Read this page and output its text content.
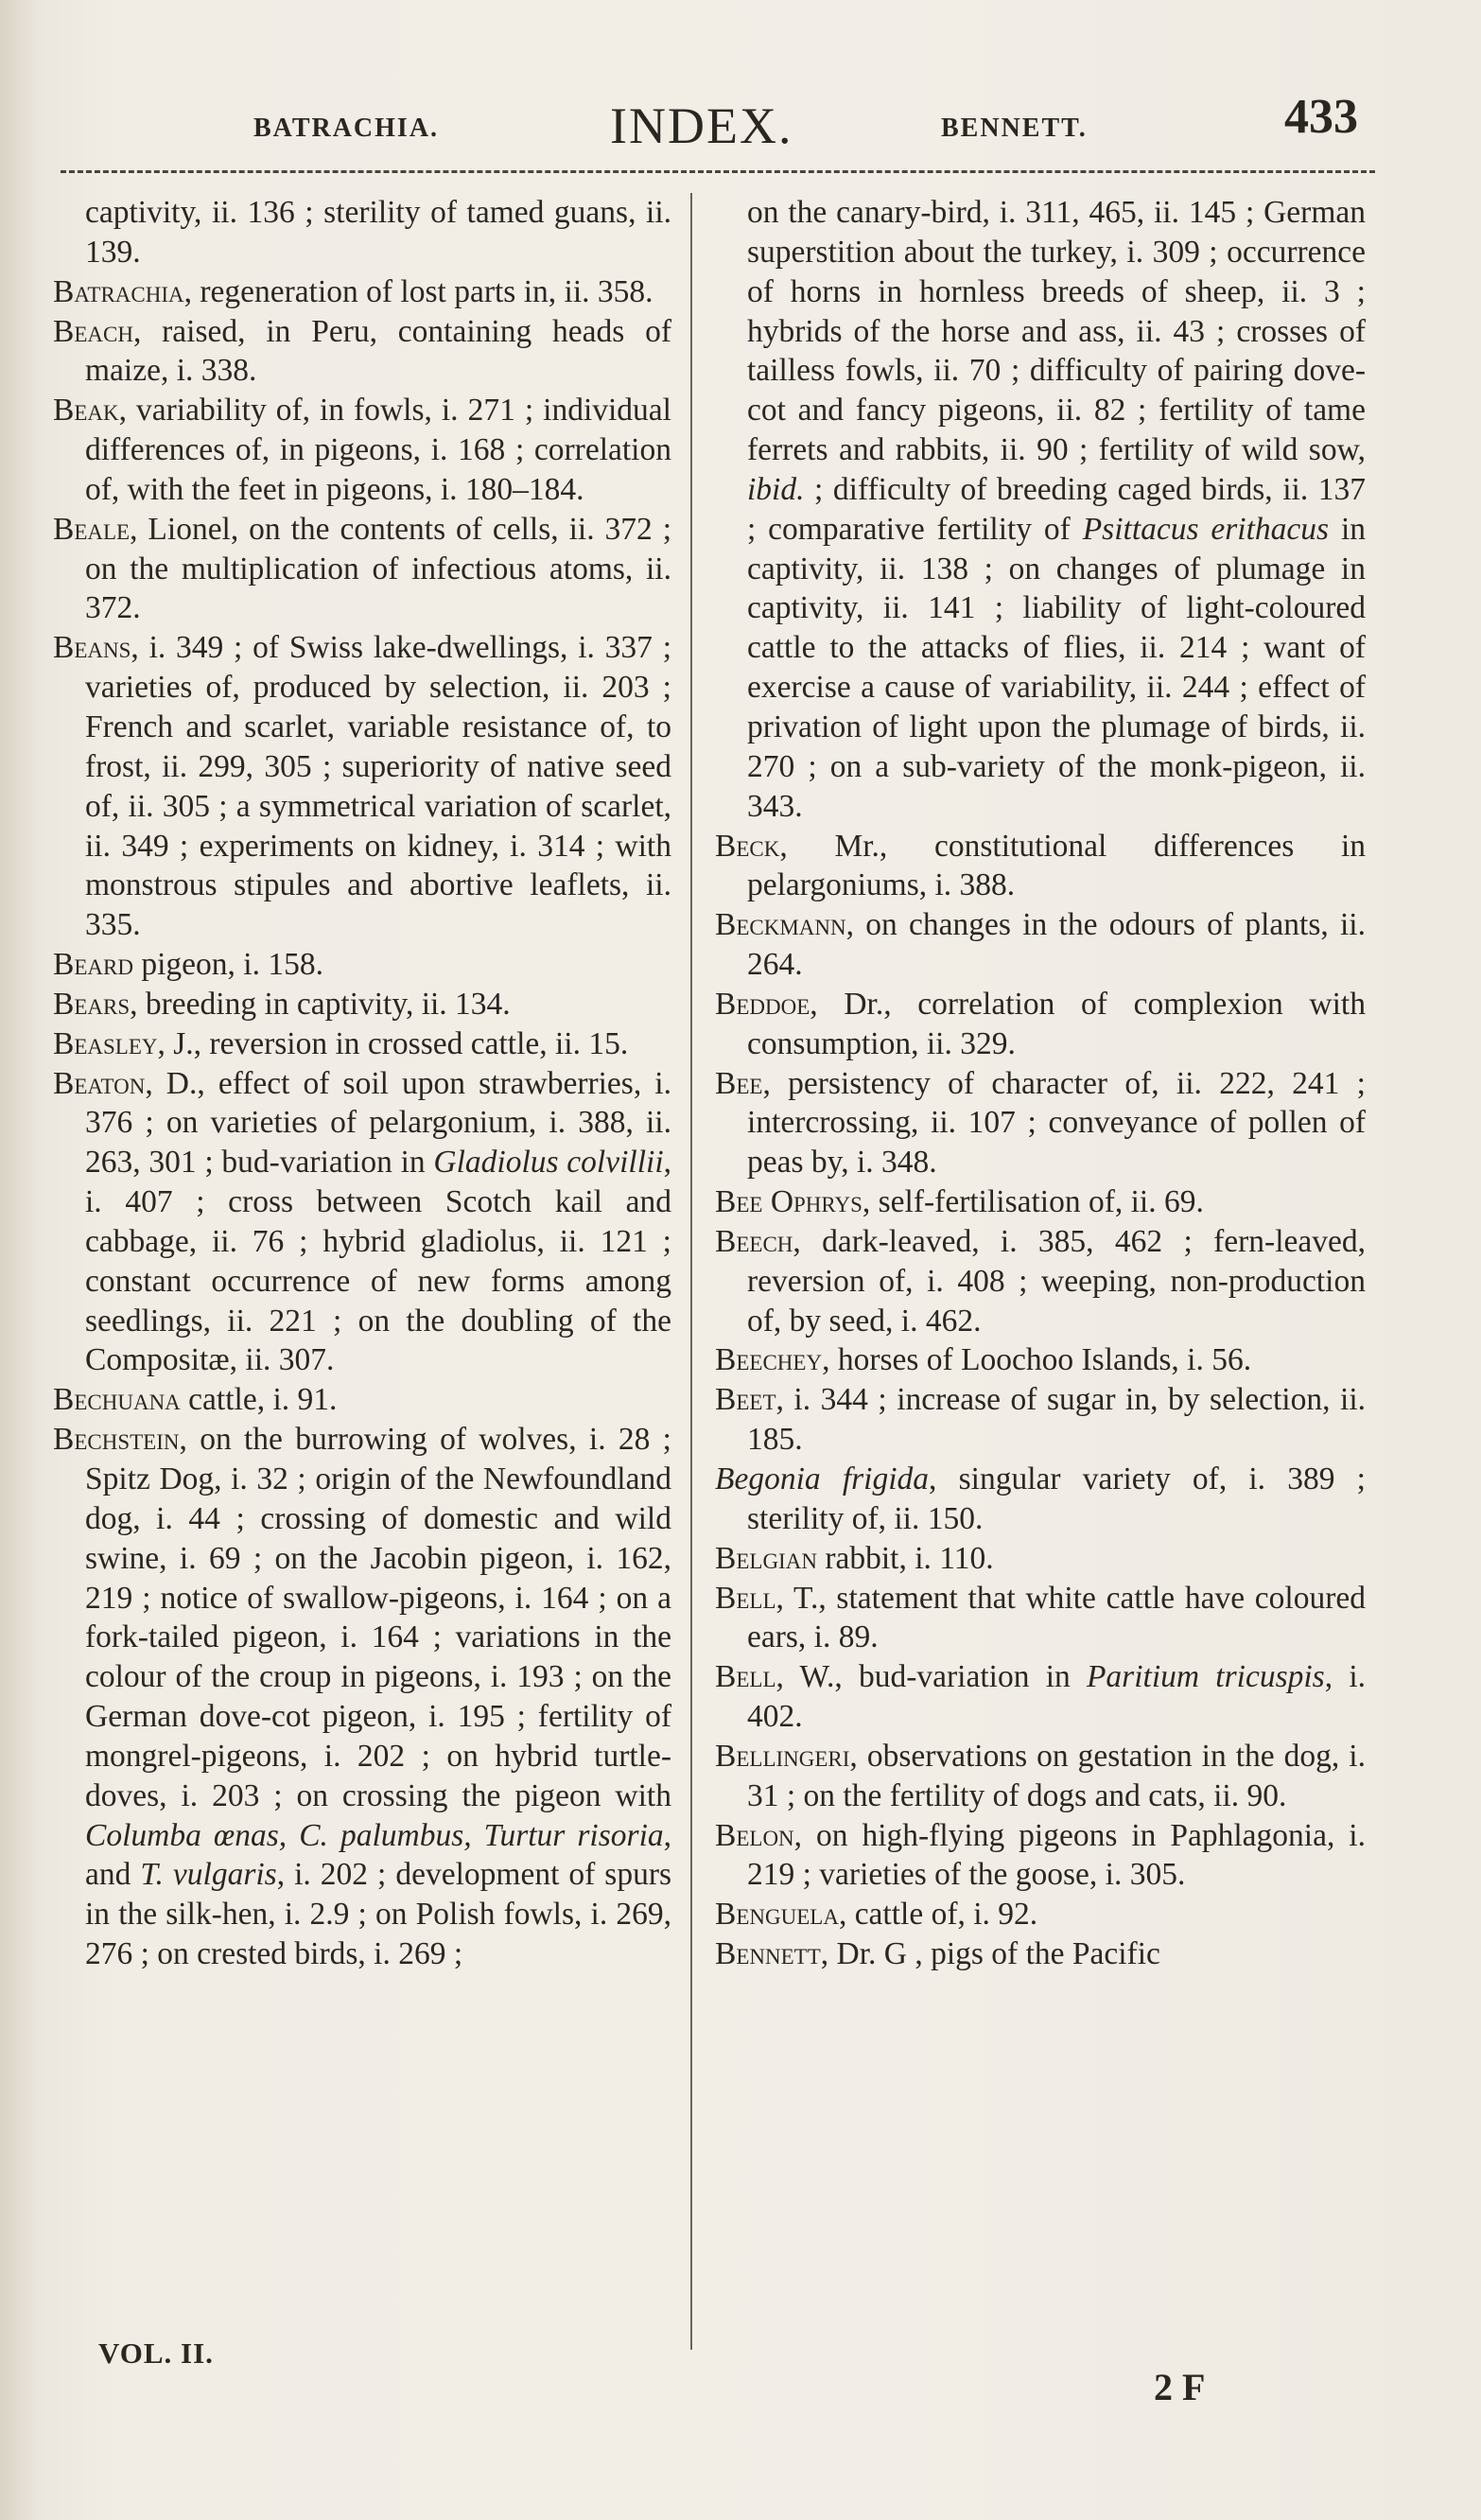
BATRACHIA.	INDEX.	BENNETT.	433

captivity, ii. 136 ; sterility of tamed guans, ii. 139.

Batrachia, regeneration of lost parts in, ii. 358.

Beach, raised, in Peru, containing heads of maize, i. 338.

Beak, variability of, in fowls, i. 271 ; individual differences of, in pigeons, i. 168 ; correlation of, with the feet in pigeons, i. 180–184.

Beale, Lionel, on the contents of cells, ii. 372 ; on the multiplication of infectious atoms, ii. 372.

Beans, i. 349 ; of Swiss lake-dwellings, i. 337 ; varieties of, produced by selection, ii. 203 ; French and scarlet, variable resistance of, to frost, ii. 299, 305 ; superiority of native seed of, ii. 305 ; a symmetrical variation of scarlet, ii. 349 ; experiments on kidney, i. 314 ; with monstrous stipules and abortive leaflets, ii. 335.

Beard pigeon, i. 158.

Bears, breeding in captivity, ii. 134.

Beasley, J., reversion in crossed cattle, ii. 15.

Beaton, D., effect of soil upon strawberries, i. 376 ; on varieties of pelargonium, i. 388, ii. 263, 301 ; bud-variation in Gladiolus colvillii, i. 407 ; cross between Scotch kail and cabbage, ii. 76 ; hybrid gladiolus, ii. 121 ; constant occurrence of new forms among seedlings, ii. 221 ; on the doubling of the Compositæ, ii. 307.

Bechuana cattle, i. 91.

Bechstein, on the burrowing of wolves, i. 28 ; Spitz Dog, i. 32 ; origin of the Newfoundland dog, i. 44 ; crossing of domestic and wild swine, i. 69 ; on the Jacobin pigeon, i. 162, 219 ; notice of swallow-pigeons, i. 164 ; on a fork-tailed pigeon, i. 164 ; variations in the colour of the croup in pigeons, i. 193 ; on the German dove-cot pigeon, i. 195 ; fertility of mongrel-pigeons, i. 202 ; on hybrid turtle-doves, i. 203 ; on crossing the pigeon with Columba œnas, C. palumbus, Turtur risoria, and T. vulgaris, i. 202 ; development of spurs in the silk-hen, i. 2.9 ; on Polish fowls, i. 269, 276 ; on crested birds, i. 269 ;

on the canary-bird, i. 311, 465, ii. 145 ; German superstition about the turkey, i. 309 ; occurrence of horns in hornless breeds of sheep, ii. 3 ; hybrids of the horse and ass, ii. 43 ; crosses of tailless fowls, ii. 70 ; difficulty of pairing dove-cot and fancy pigeons, ii. 82 ; fertility of tame ferrets and rabbits, ii. 90 ; fertility of wild sow, ibid. ; difficulty of breeding caged birds, ii. 137 ; comparative fertility of Psittacus erithacus in captivity, ii. 138 ; on changes of plumage in captivity, ii. 141 ; liability of light-coloured cattle to the attacks of flies, ii. 214 ; want of exercise a cause of variability, ii. 244 ; effect of privation of light upon the plumage of birds, ii. 270 ; on a sub-variety of the monk-pigeon, ii. 343.

Beck, Mr., constitutional differences in pelargoniums, i. 388.

Beckmann, on changes in the odours of plants, ii. 264.

Beddoe, Dr., correlation of complexion with consumption, ii. 329.

Bee, persistency of character of, ii. 222, 241 ; intercrossing, ii. 107 ; conveyance of pollen of peas by, i. 348.

Bee Ophrys, self-fertilisation of, ii. 69.

Beech, dark-leaved, i. 385, 462 ; fern-leaved, reversion of, i. 408 ; weeping, non-production of, by seed, i. 462.

Beechey, horses of Loochoo Islands, i. 56.

Beet, i. 344 ; increase of sugar in, by selection, ii. 185.

Begonia frigida, singular variety of, i. 389 ; sterility of, ii. 150.

Belgian rabbit, i. 110.

Bell, T., statement that white cattle have coloured ears, i. 89.

Bell, W., bud-variation in Paritium tricuspis, i. 402.

Bellingeri, observations on gestation in the dog, i. 31 ; on the fertility of dogs and cats, ii. 90.

Belon, on high-flying pigeons in Paphlagonia, i. 219 ; varieties of the goose, i. 305.

Benguela, cattle of, i. 92.

Bennett, Dr. G , pigs of the Pacific

VOL. II.
2 F
